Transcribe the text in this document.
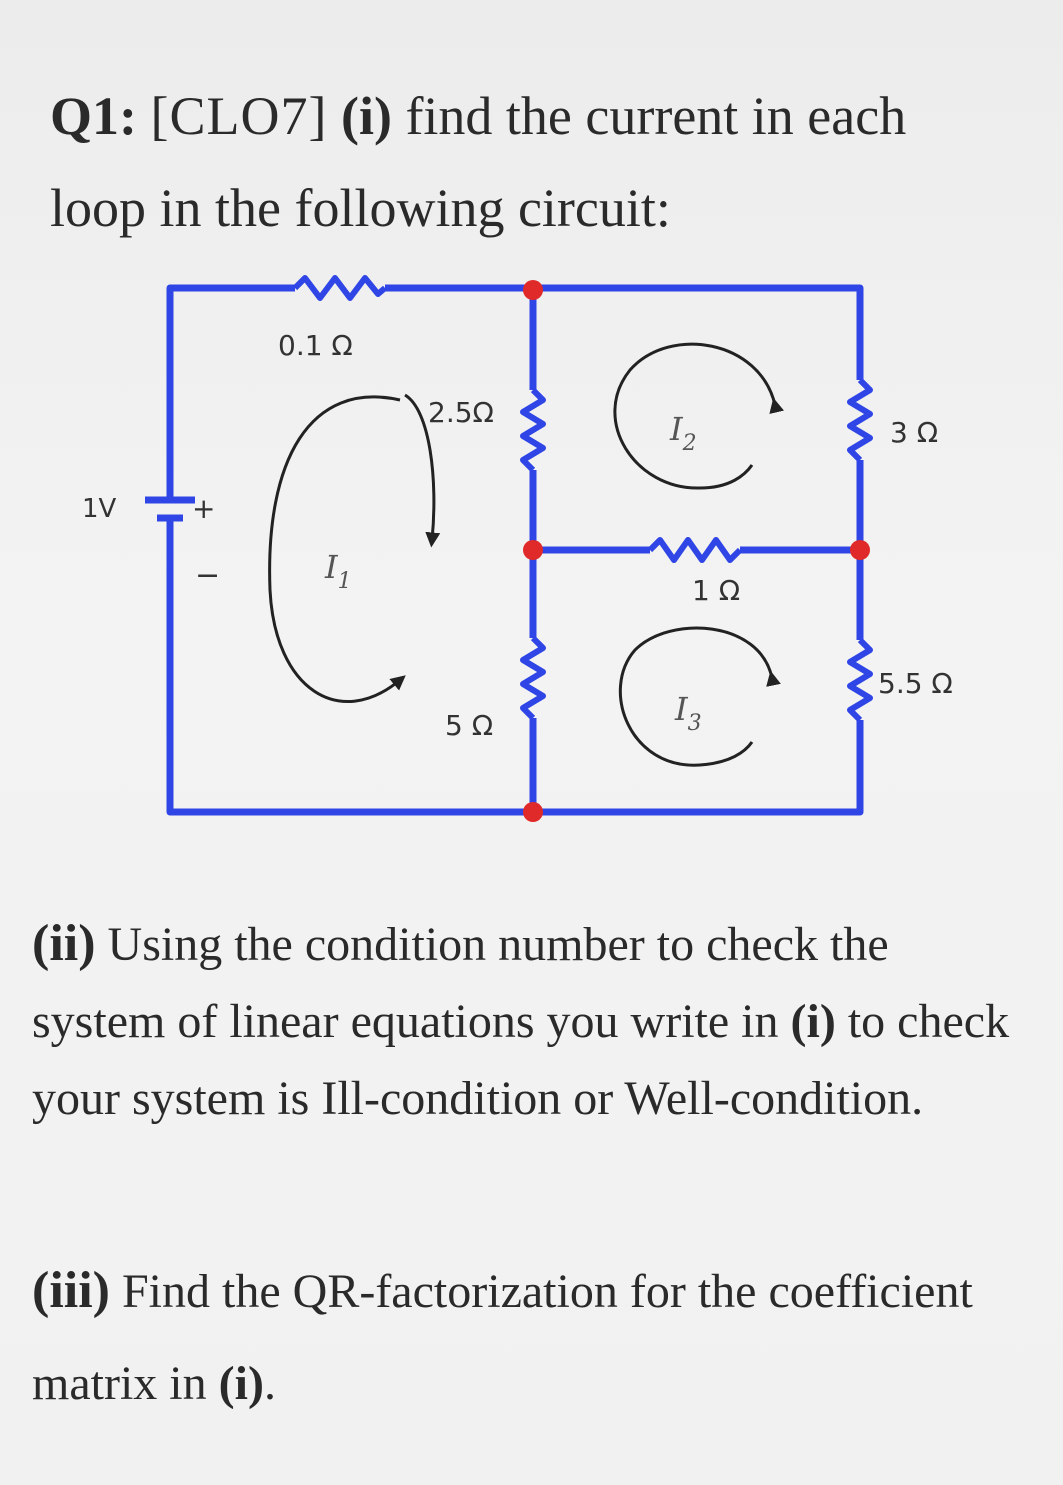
Q1: [CLO7] (i) find the current in each
loop in the following circuit:
1V	+
−
0.1 Ω
2.5Ω
5 Ω
1 Ω
3 Ω
5.5 Ω
$I_1$
$I_2$
$I_3$

(ii) Using the condition number to check the system of linear equations you write in (i) to check your system is Ill-condition or Well-condition.

(iii) Find the QR-factorization for the coefficient matrix in (i).
